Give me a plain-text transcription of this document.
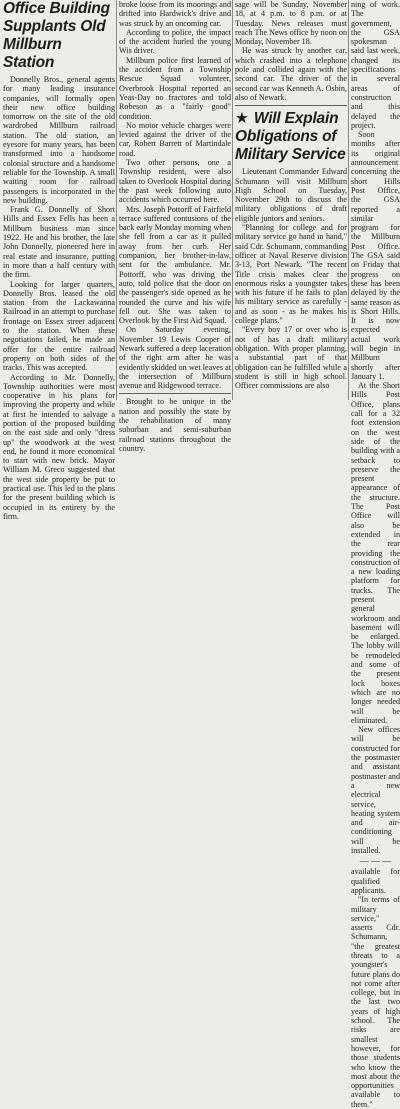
Office Building Supplants Old Millburn Station

Donnelly Bros., general agents for many leading insurance companies, will formally open their new office building tomorrow on the site of the old wardrobed Millburn railroad station. The old station, an eyesore for many years, has been transformed into a handsome colonial structure and a handsome reliable for the Township. A small waiting room for railroad passengers is incorporated in the new building.

Frank G. Donnelly of Short Hills and Essex Fells has been a Millburn business man since 1922. He and his brother, the late John Donnelly, pioneered here in real estate and insurance, putting in more than a half century with the firm.

Looking for larger quarters, Donnelly Bros. leased the old station from the Lackawanna Railroad in an attempt to purchase frontage on Essex street adjacent to the station. When these negotiations failed, he made an offer for the entire railroad property on both sides of the tracks. This was accepted.

According to Mr. Donnelly, Township authorities were most cooperative in his plans for improving the property and while at first he intended to salvage a portion of the proposed building on the east side and only "dress up" the woodwork at the west end, he found it more economical to start with new brick. Mayor William M. Greco suggested that the west side property be put to practical use. This led to the plans for the present building which is occupied in its entirety by the firm.

broke loose from its moorings and drifted into Hardwick's drive and was struck by an oncoming car.

According to police, the impact of the accident hurled the young Wis driver.

Millburn police first learned of the accident from a Township Rescue Squad volunteer, Overbrook Hospital reported an Yeas-Day no fractures and told Robeson as a "fairly good" condition.

No motor vehicle charges were levied against the driver of the car, Robert Barrett of Martindale road.

Two other persons, one a Township resident, were also taken to Overlook Hospital during the past week following auto accidents which occurred here.

Mrs. Joseph Pottorff of Fairfield terrace suffered contusions of the back early Monday morning when she fell from a car as it pulled away from her curb. Her companion, her brother-in-law, sent for the ambulance. Mr. Pottorff, who was driving the auto, told police that the door on the passenger's side opened as he rounded the curve and his wife fell out. She was taken to Overlook by the First Aid Squad.

On Saturday evening, November 19 Lewis Cooper of Newark suffered a deep laceration of the right arm after he was evidently skidded on wet leaves at the intersection of Millburn avenue and Ridgewood terrace.

Brought to be unique in the nation and possibly the state by the rehabilitation of many suburban and semi-suburban railroad stations throughout the country.

sage will be Sunday, November 18, at 4 p.m. to 8 p.m. or at Tuesday. News releases must reach The News office by noon on Monday, November 18.

He was struck by another car, which crashed into a telephone pole and collided again with the second car. The driver of the second car was Kenneth A. Osbin, also of Newark.

★ Will Explain Obligations of Military Service

Lieutenant Commander Edward Schumann will visit Millburn High School on Tuesday, November 29th to discuss the military obligations of draft eligible juniors and seniors.

"Planning for college and for military service go hand in hand," said Cdr. Schumann, commanding officer at Naval Reserve division 3-13, Port Newark. "The recent Title crisis makes clear the enormous risks a youngster takes with his future if he fails to plan his military service as carefully - and as soon - as he makes his college plans."

"Every boy 17 or over who is not of has a draft military obligation. With proper planning, a substantial part of that obligation can be fulfilled while a student is still in high school. Officer commissions are also

ning of work. The government, the GSA spokesman said last week, changed its specifications in several areas of construction and this delayed the project.

Soon months after its original announcement concerning the short Hills Post Office, the GSA reported a similar program for the Millburn Post Office. The GSA said on Friday that progress on these has been delayed by the same reason as is Short Hills. It is now expected actual work will begin in Millburn shortly after January 1.

At the Short Hills Post Office, plans call for a 32 foot extension on the west side of the building with a setback to preserve the present appearance of the structure. The Post Office will also be extended in the rear providing the construction of a new loading platform for trucks. The present general workroom and basement will be enlarged. The lobby will be remodeled and some of the present lock boxes which are no longer needed will be eliminated.

New offices will be constructed for the postmaster and assistant postmaster and a new electrical service, heating system and air-conditioning will be installed.

— — —

available for qualified applicants.

"In terms of military service," asserts Cdr. Schumann, "the greatest threats to a youngster's future plans do not come after college, but in the last two years of high school. The risks are smallest however, for those students who know the most about the opportunities available to them."
